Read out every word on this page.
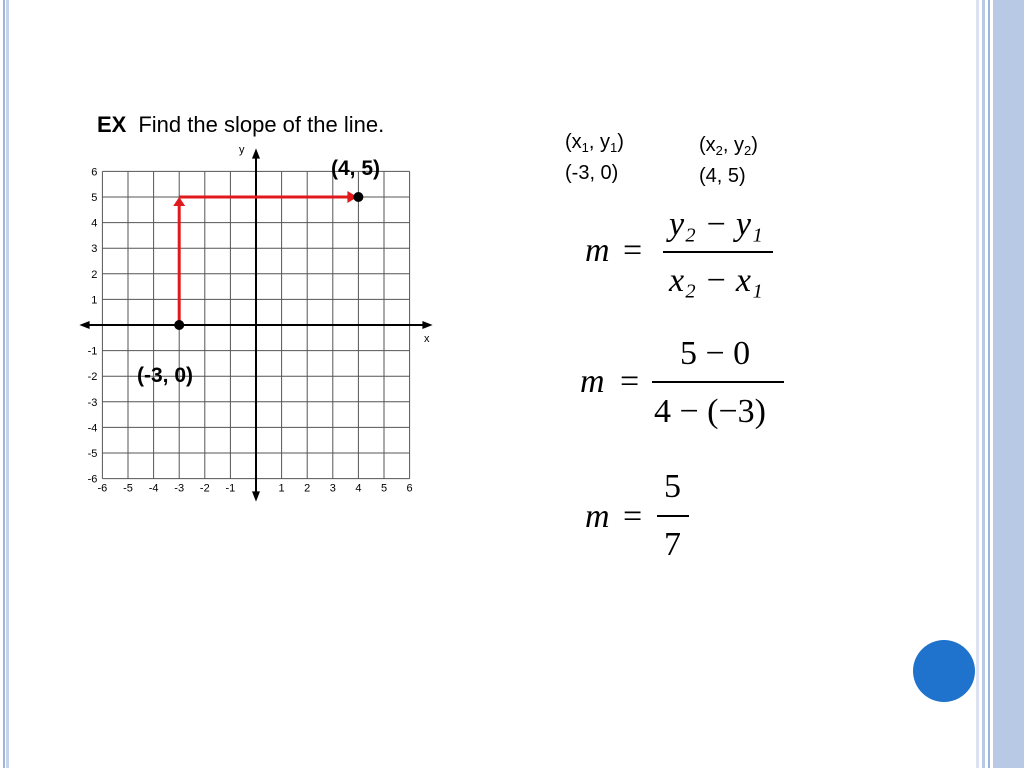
EX Find the slope of the line.
-6 -5 -4 -3 -2 -1	1 2 3 4 5 6
6
5
4
3
2
1
-1
-2
-3
-4
-5
-6
x
y
(4, 5)
(-3, 0)
($x_1$, $y_1$)	($x_2$, $y_2$)
(-3, 0)	(4, 5)
m =
y₂ − y₁
x₂ − x₁
m =
5 − 0
4 − (−3)
m =
5
7
